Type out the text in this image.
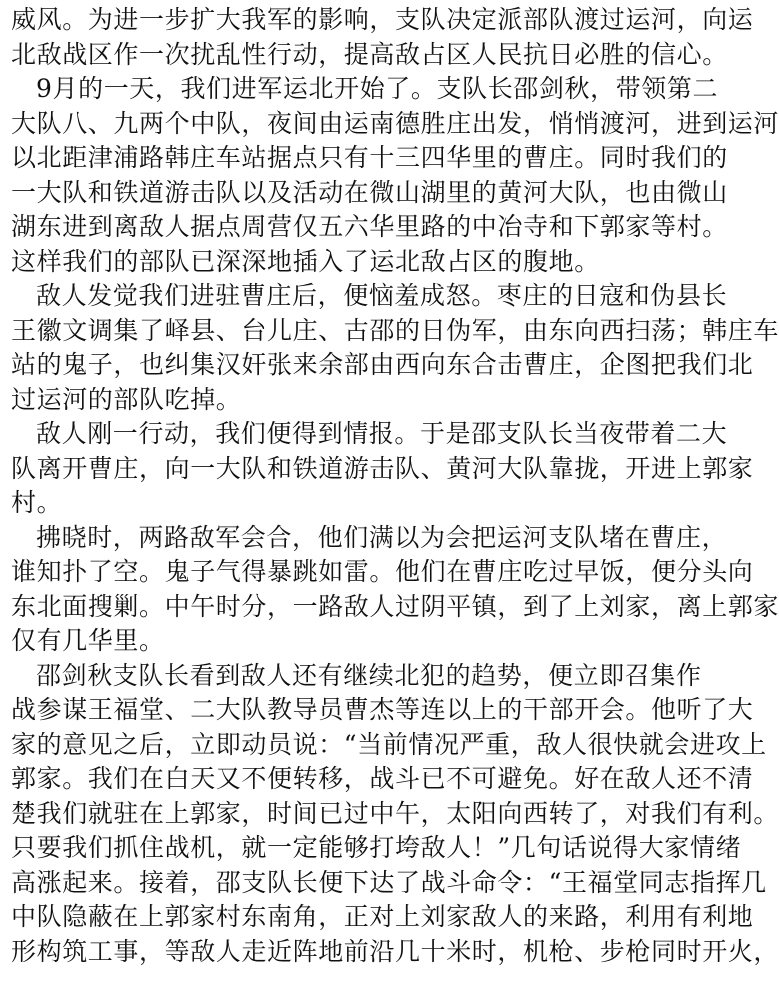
威风。为进一步扩大我军的影响，支队决定派部队渡过运河，向运
北敌战区作一次扰乱性行动，提高敌占区人民抗日必胜的信心。
9月的一天，我们进军运北开始了。支队长邵剑秋，带领第二
大队八、九两个中队，夜间由运南德胜庄出发，悄悄渡河，进到运河
以北距津浦路韩庄车站据点只有十三四华里的曹庄。同时我们的
一大队和铁道游击队以及活动在微山湖里的黄河大队，也由微山
湖东进到离敌人据点周营仅五六华里路的中冶寺和下郭家等村。
这样我们的部队已深深地插入了运北敌占区的腹地。
敌人发觉我们进驻曹庄后，便恼羞成怒。枣庄的日寇和伪县长
王徽文调集了峄县、台儿庄、古邵的日伪军，由东向西扫荡；韩庄车
站的鬼子，也纠集汉奸张来余部由西向东合击曹庄，企图把我们北
过运河的部队吃掉。
敌人刚一行动，我们便得到情报。于是邵支队长当夜带着二大
队离开曹庄，向一大队和铁道游击队、黄河大队靠拢，开进上郭家
村。
拂晓时，两路敌军会合，他们满以为会把运河支队堵在曹庄，
谁知扑了空。鬼子气得暴跳如雷。他们在曹庄吃过早饭，便分头向
东北面搜剿。中午时分，一路敌人过阴平镇，到了上刘家，离上郭家
仅有几华里。
邵剑秋支队长看到敌人还有继续北犯的趋势，便立即召集作
战参谋王福堂、二大队教导员曹杰等连以上的干部开会。他听了大
家的意见之后，立即动员说：“当前情况严重，敌人很快就会进攻上
郭家。我们在白天又不便转移，战斗已不可避免。好在敌人还不清
楚我们就驻在上郭家，时间已过中午，太阳向西转了，对我们有利。
只要我们抓住战机，就一定能够打垮敌人！”几句话说得大家情绪
高涨起来。接着，邵支队长便下达了战斗命令：“王福堂同志指挥几
中队隐蔽在上郭家村东南角，正对上刘家敌人的来路，利用有利地
形构筑工事，等敌人走近阵地前沿几十米时，机枪、步枪同时开火，
